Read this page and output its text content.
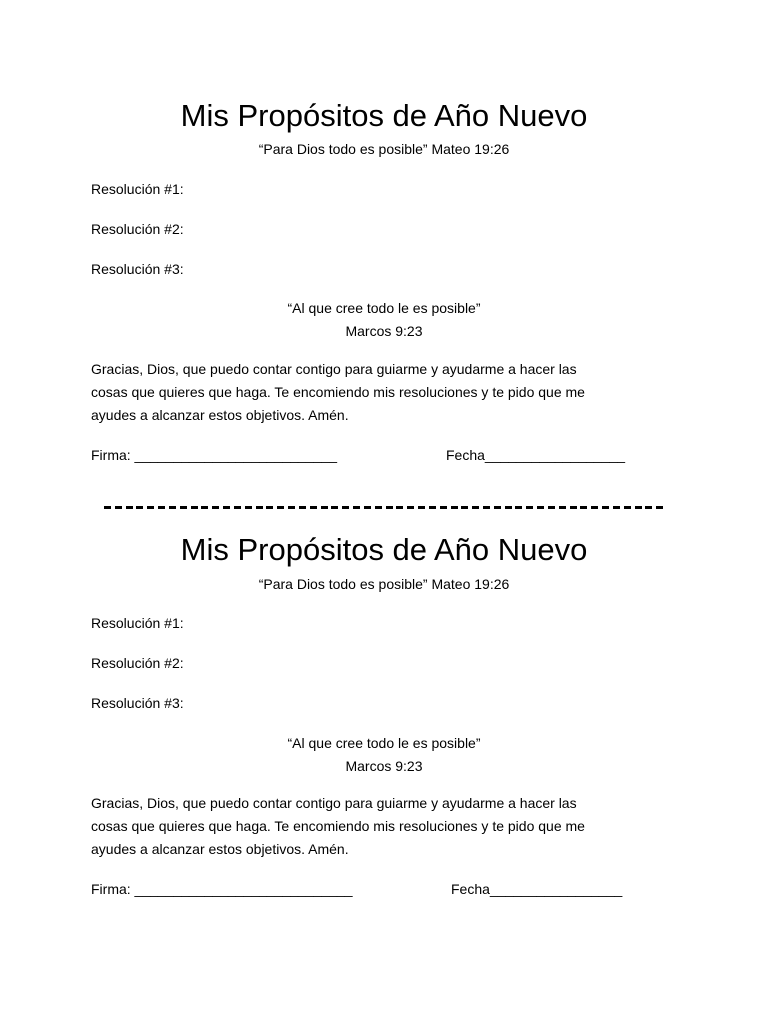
Mis Propósitos de Año Nuevo
“Para Dios todo es posible” Mateo 19:26
Resolución #1:
Resolución #2:
Resolución #3:
“Al que cree todo le es posible”
Marcos 9:23
Gracias, Dios, que puedo contar contigo para guiarme y ayudarme a hacer las
cosas que quieres que haga. Te encomiendo mis resoluciones y te pido que me
ayudes a alcanzar estos objetivos. Amén.
Firma: __________________________	Fecha__________________
Mis Propósitos de Año Nuevo
“Para Dios todo es posible” Mateo 19:26
Resolución #1:
Resolución #2:
Resolución #3:
“Al que cree todo le es posible”
Marcos 9:23
Gracias, Dios, que puedo contar contigo para guiarme y ayudarme a hacer las
cosas que quieres que haga. Te encomiendo mis resoluciones y te pido que me
ayudes a alcanzar estos objetivos. Amén.
Firma: ____________________________	Fecha_________________
